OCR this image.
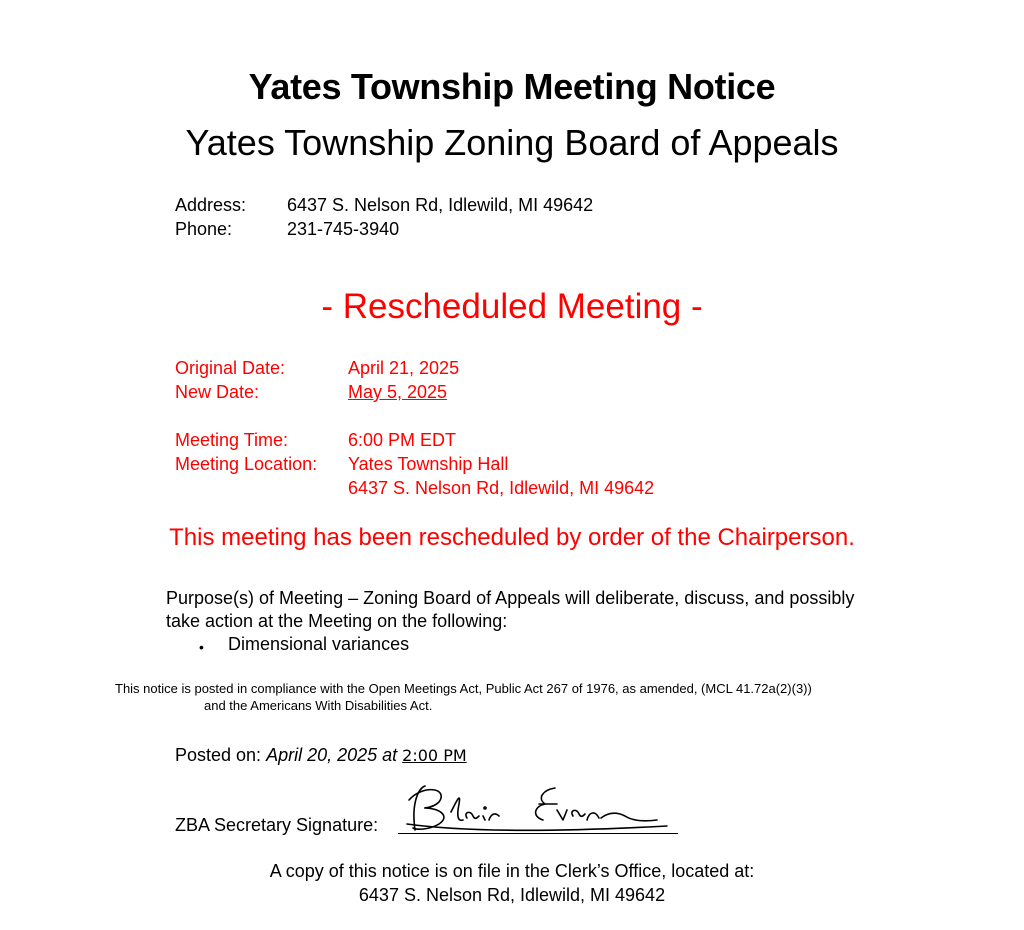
Yates Township Meeting Notice
Yates Township Zoning Board of Appeals
Address: 6437 S. Nelson Rd, Idlewild, MI 49642
Phone:	231-745-3940
- Rescheduled Meeting -
Original Date:	April 21, 2025
New Date:	May 5, 2025
Meeting Time:	6:00 PM EDT
Meeting Location: Yates Township Hall
6437 S. Nelson Rd, Idlewild, MI 49642
This meeting has been rescheduled by order of the Chairperson.
Purpose(s) of Meeting – Zoning Board of Appeals will deliberate, discuss, and possibly
take action at the Meeting on the following:
• Dimensional variances
This notice is posted in compliance with the Open Meetings Act, Public Act 267 of 1976, as amended, (MCL 41.72a(2)(3))
and the Americans With Disabilities Act.
Posted on: April 20, 2025 at 2:00 PM
ZBA Secretary Signature:
A copy of this notice is on file in the Clerk’s Office, located at:
6437 S. Nelson Rd, Idlewild, MI 49642
